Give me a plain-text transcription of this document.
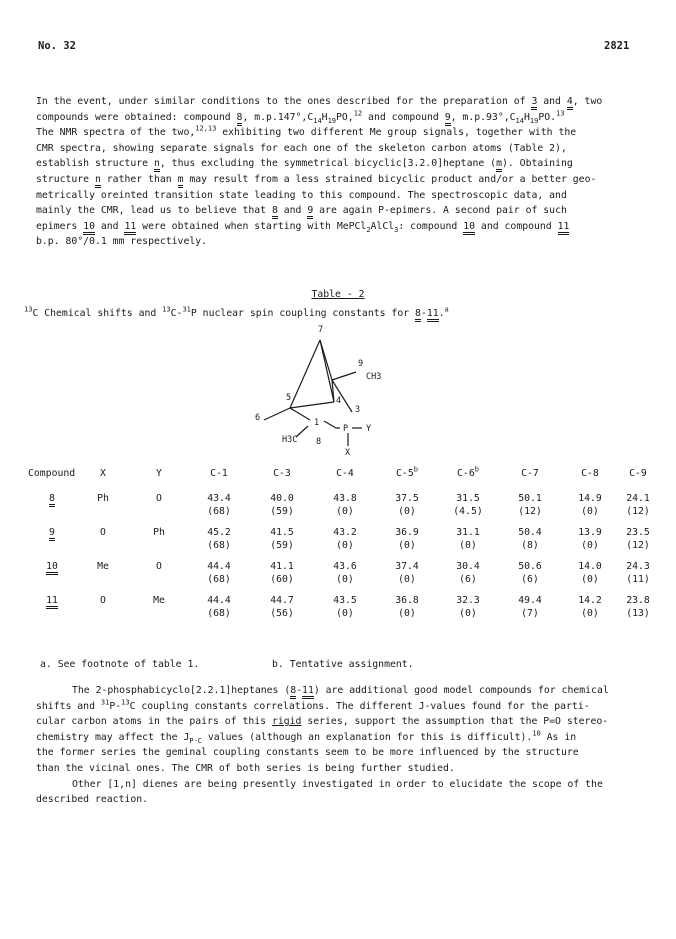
No. 32	2821
In the event, under similar conditions to the ones described for the preparation of 3 and 4, two
compounds were obtained: compound 8, $m.p.147^\circ,C_{14}H_{19}PO,^{12}$ and compound 9, $m.p.93^\circ,C_{14}H_{19}PO.^{13}$
The NMR spectra of the two,$^{12,13}$ exhibiting two different Me group signals, together with the
CMR spectra, showing separate signals for each one of the skeleton carbon atoms (Table 2),
establish structure n, thus excluding the symmetrical bicyclic[3.2.0]heptane (m). Obtaining
structure n rather than m may result from a less strained bicyclic product and/or a better geo-
metrically oreinted transition state leading to this compound. The spectroscopic data, and
mainly the CMR, lead us to believe that 8 and 9 are again P-epimers. A second pair of such
epimers 10 and 11 were obtained when starting with MePCl$_2$AlCl$_3$: compound 10 and compound 11
b.p. 80°/0.1 mm respectively.
Table - 2
$^{13}$C Chemical shifts and $^{13}$C-$^{31}$P nuclear spin coupling constants for 8-11.$^a$
7
9
CH3
5	4
3
6	1
P Y
H3C 8
X
Compound	X	Y	C-1	C-3	C-4	C-5$^b$	C-6$^b$	C-7	C-8	C-9

8	Ph	O	43.4	40.0	43.8	37.5	31.5	50.1	14.9	24.1
			(68)	(59)	(0)	(0)	(4.5)	(12)	(0)	(12)

9	O	Ph	45.2	41.5	43.2	36.9	31.1	50.4	13.9	23.5
			(68)	(59)	(0)	(0)	(0)	(8)	(0)	(12)

10	Me	O	44.4	41.1	43.6	37.4	30.4	50.6	14.0	24.3
			(68)	(60)	(0)	(0)	(6)	(6)	(0)	(11)

11	O	Me	44.4	44.7	43.5	36.8	32.3	49.4	14.2	23.8
			(68)	(56)	(0)	(0)	(0)	(7)	(0)	(13)

a. See footnote of table 1.	b. Tentative assignment.
The 2-phosphabicyclo[2.2.1]heptanes (8-11) are additional good model compounds for chemical
shifts and $^{31}$P-$^{13}$C coupling constants correlations. The different J-values found for the parti-
cular carbon atoms in the pairs of this rigid series, support the assumption that the P=O stereo-
chemistry may affect the $J_{P-C}$ values (although an explanation for this is difficult).$^{10}$ As in
the former series the geminal coupling constants seem to be more influenced by the structure
than the vicinal ones. The CMR of both series is being further studied.
Other [1,n] dienes are being presently investigated in order to elucidate the scope of the
described reaction.
